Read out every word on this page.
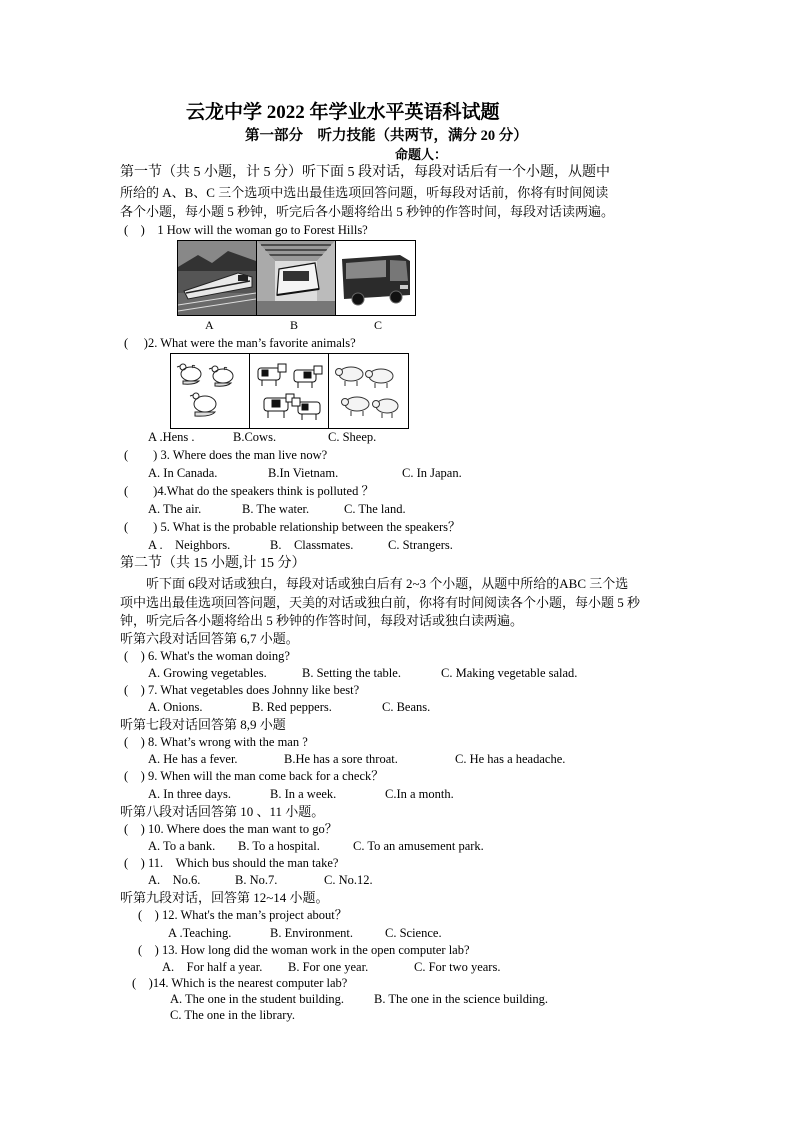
云龙中学 2022 年学业水平英语科试题
第一部分　听力技能（共两节，满分 20 分）
命题人：
第一节（共 5 小题，计 5 分）听下面 5 段对话，每段对话后有一个小题，从题中
所给的 A、B、C 三个选项中选出最佳选项回答问题，听每段对话前，你将有时间阅读
各个小题，每小题 5 秒钟，听完后各小题将给出 5 秒钟的作答时间，每段对话读两遍。
(　)　1 How will the woman go to Forest Hills?
A	B	C
(　 )2. What were the man’s favorite animals?
A .Hens .	B.Cows.	C. Sheep.
(　　) 3. Where does the man live now?
A. In Canada.	B.In Vietnam.	C. In Japan.
(　　)4.What do the speakers think is polluted ？
A. The air.	B. The water.	C. The land.
(　　) 5. What is the probable relationship between the speakers？
A .　Neighbors.	B.　Classmates.	C. Strangers.
第二节（共 15 小题,计 15 分）
听下面 6段对话或独白，每段对话或独白后有 2~3 个小题，从题中所给的ABC 三个选
项中选出最佳选项回答问题，天美的对话或独白前，你将有时间阅读各个小题，每小题 5 秒
钟，听完后各小题将给出 5 秒钟的作答时间，每段对话或独白读两遍。
听第六段对话回答第 6,7 小题。
(　) 6. What's the woman doing?
A. Growing vegetables.	B. Setting the table.	C. Making vegetable salad.
(　) 7. What vegetables does Johnny like best?
A. Onions.	B. Red peppers.	C. Beans.
听第七段对话回答第 8,9 小题
(　) 8. What’s wrong with the man ?
A. He has a fever.	B.He has a sore throat.	C. He has a headache.
(　) 9. When will the man come back for a check？
A. In three days.	B. In a week.	C.In a month.
听第八段对话回答第 10 、11 小题。
(　) 10. Where does the man want to go？
A. To a bank. B. To a hospital.	C. To an amusement park.
(　) 11.　Which bus should the man take?
A.　No.6.	B. No.7.	C. No.12.
听第九段对话，回答第 12~14 小题。
(　) 12. What's the man’s project about？
A .Teaching.	B. Environment.	C. Science.
(　) 13. How long did the woman work in the open computer lab?
A.　For half a year. B. For one year.	C. For two years.
(　)14. Which is the nearest computer lab?
A. The one in the student building. B. The one in the science building.
C. The one in the library.
